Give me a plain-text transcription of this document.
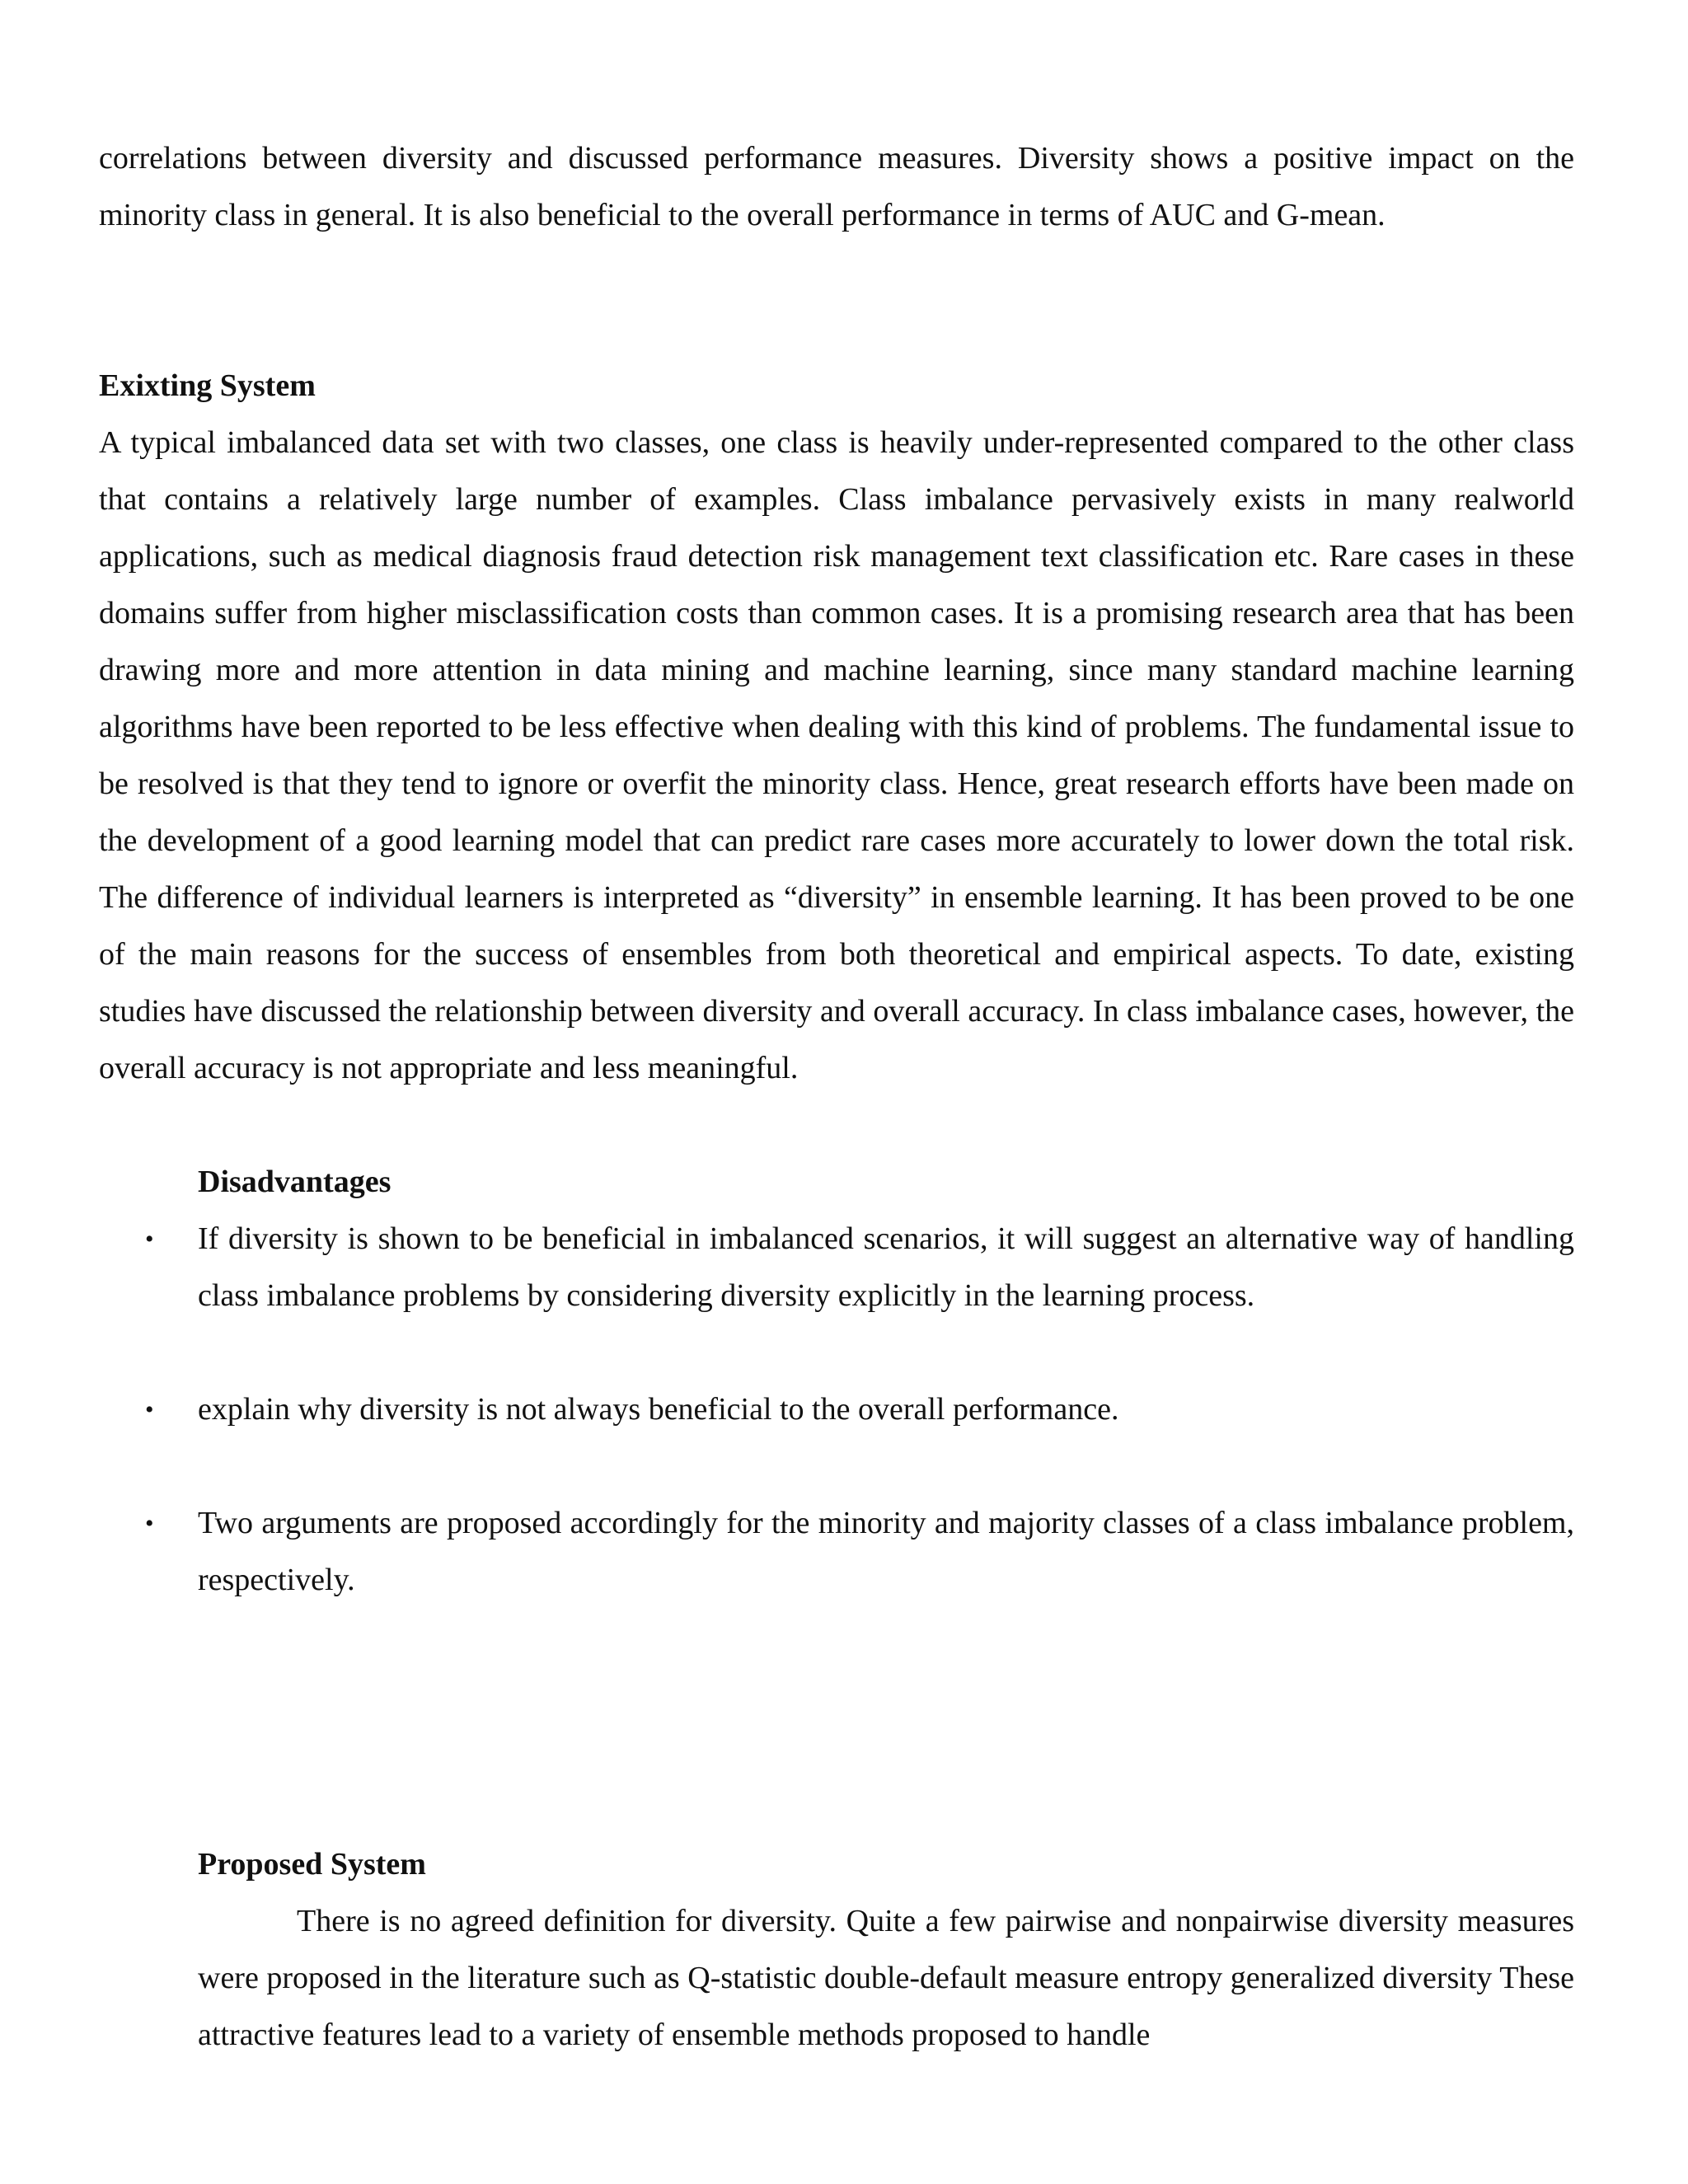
correlations between diversity and discussed performance measures. Diversity shows a positive impact on the minority class in general. It is also beneficial to the overall performance in terms of AUC and G-mean.

Exixting System

A typical imbalanced data set with two classes, one class is heavily under-represented compared to the other class that contains a relatively large number of examples. Class imbalance pervasively exists in many realworld applications, such as medical diagnosis fraud detection risk management text classification etc. Rare cases in these domains suffer from higher misclassification costs than common cases. It is a promising research area that has been drawing more and more attention in data mining and machine learning, since many standard machine learning algorithms have been reported to be less effective when dealing with this kind of problems. The fundamental issue to be resolved is that they tend to ignore or overfit the minority class. Hence, great research efforts have been made on the development of a good learning model that can predict rare cases more accurately to lower down the total risk. The difference of individual learners is interpreted as “diversity” in ensemble learning. It has been proved to be one of the main reasons for the success of ensembles from both theoretical and empirical aspects. To date, existing studies have discussed the relationship between diversity and overall accuracy. In class imbalance cases, however, the overall accuracy is not appropriate and less meaningful.

Disadvantages
• If diversity is shown to be beneficial in imbalanced scenarios, it will suggest an alternative way of handling class imbalance problems by considering diversity explicitly in the learning process.
• explain why diversity is not always beneficial to the overall performance.
• Two arguments are proposed accordingly for the minority and majority classes of a class imbalance problem, respectively.
Proposed System

There is no agreed definition for diversity. Quite a few pairwise and nonpairwise diversity measures were proposed in the literature such as Q-statistic double-default measure entropy generalized diversity These attractive features lead to a variety of ensemble methods proposed to handle
